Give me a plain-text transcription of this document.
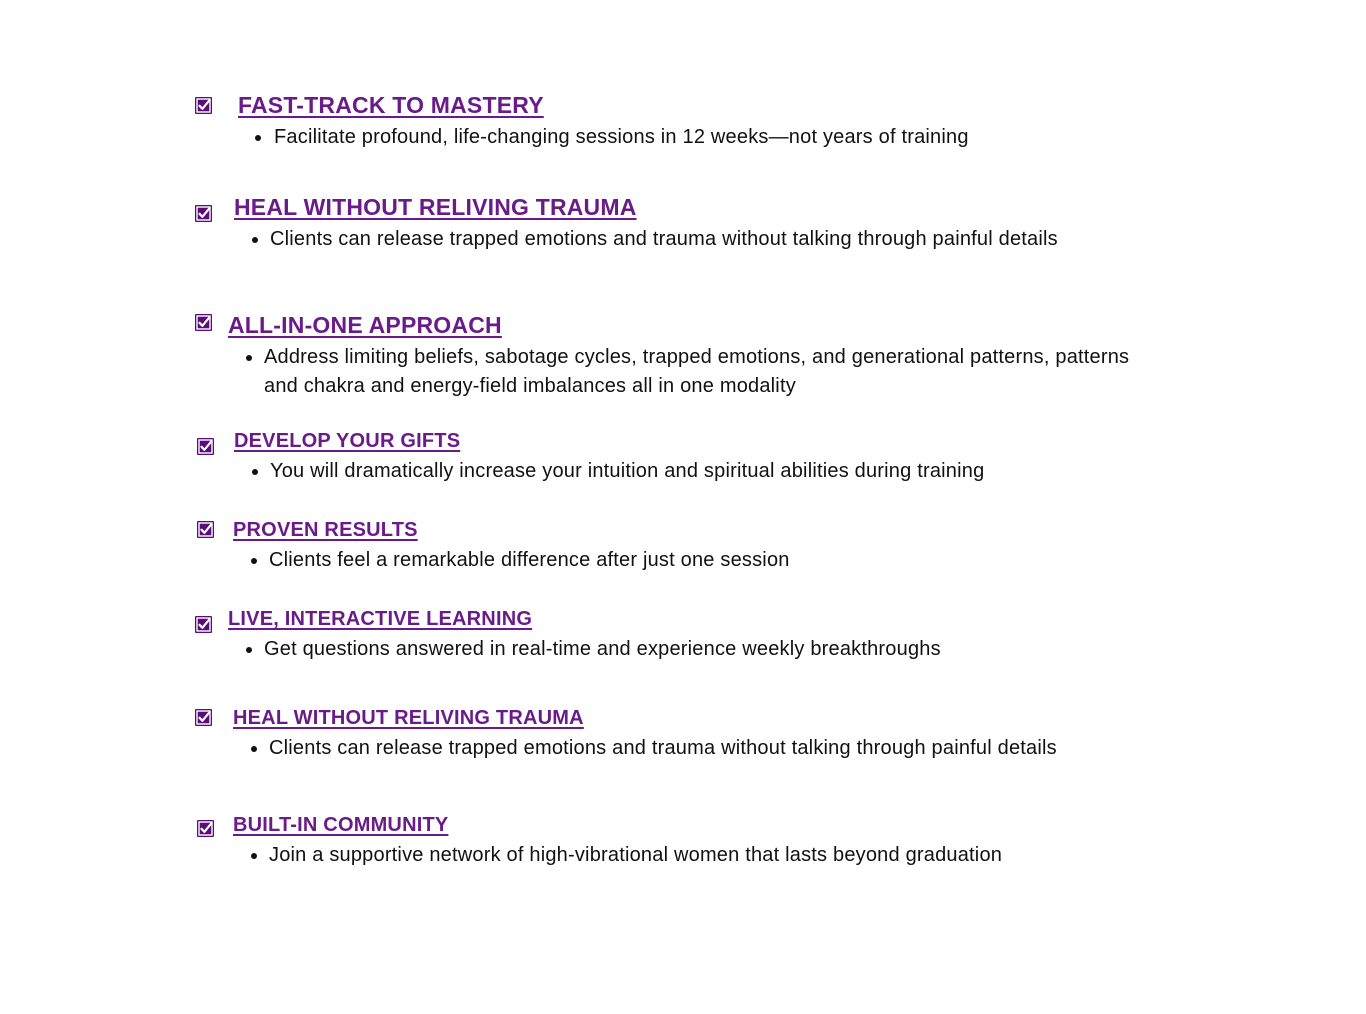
FAST-TRACK TO MASTERY
Facilitate profound, life-changing sessions in 12 weeks—not years of training
HEAL WITHOUT RELIVING TRAUMA
Clients can release trapped emotions and trauma without talking through painful details
ALL-IN-ONE APPROACH
Address limiting beliefs, sabotage cycles, trapped emotions, and generational patterns, patterns and chakra and energy-field imbalances all in one modality
DEVELOP YOUR GIFTS
You will dramatically increase your intuition and spiritual abilities during training
PROVEN RESULTS
Clients feel a remarkable difference after just one session
LIVE, INTERACTIVE LEARNING
Get questions answered in real-time and experience weekly breakthroughs
HEAL WITHOUT RELIVING TRAUMA
Clients can release trapped emotions and trauma without talking through painful details
BUILT-IN COMMUNITY
Join a supportive network of high-vibrational women that lasts beyond graduation
